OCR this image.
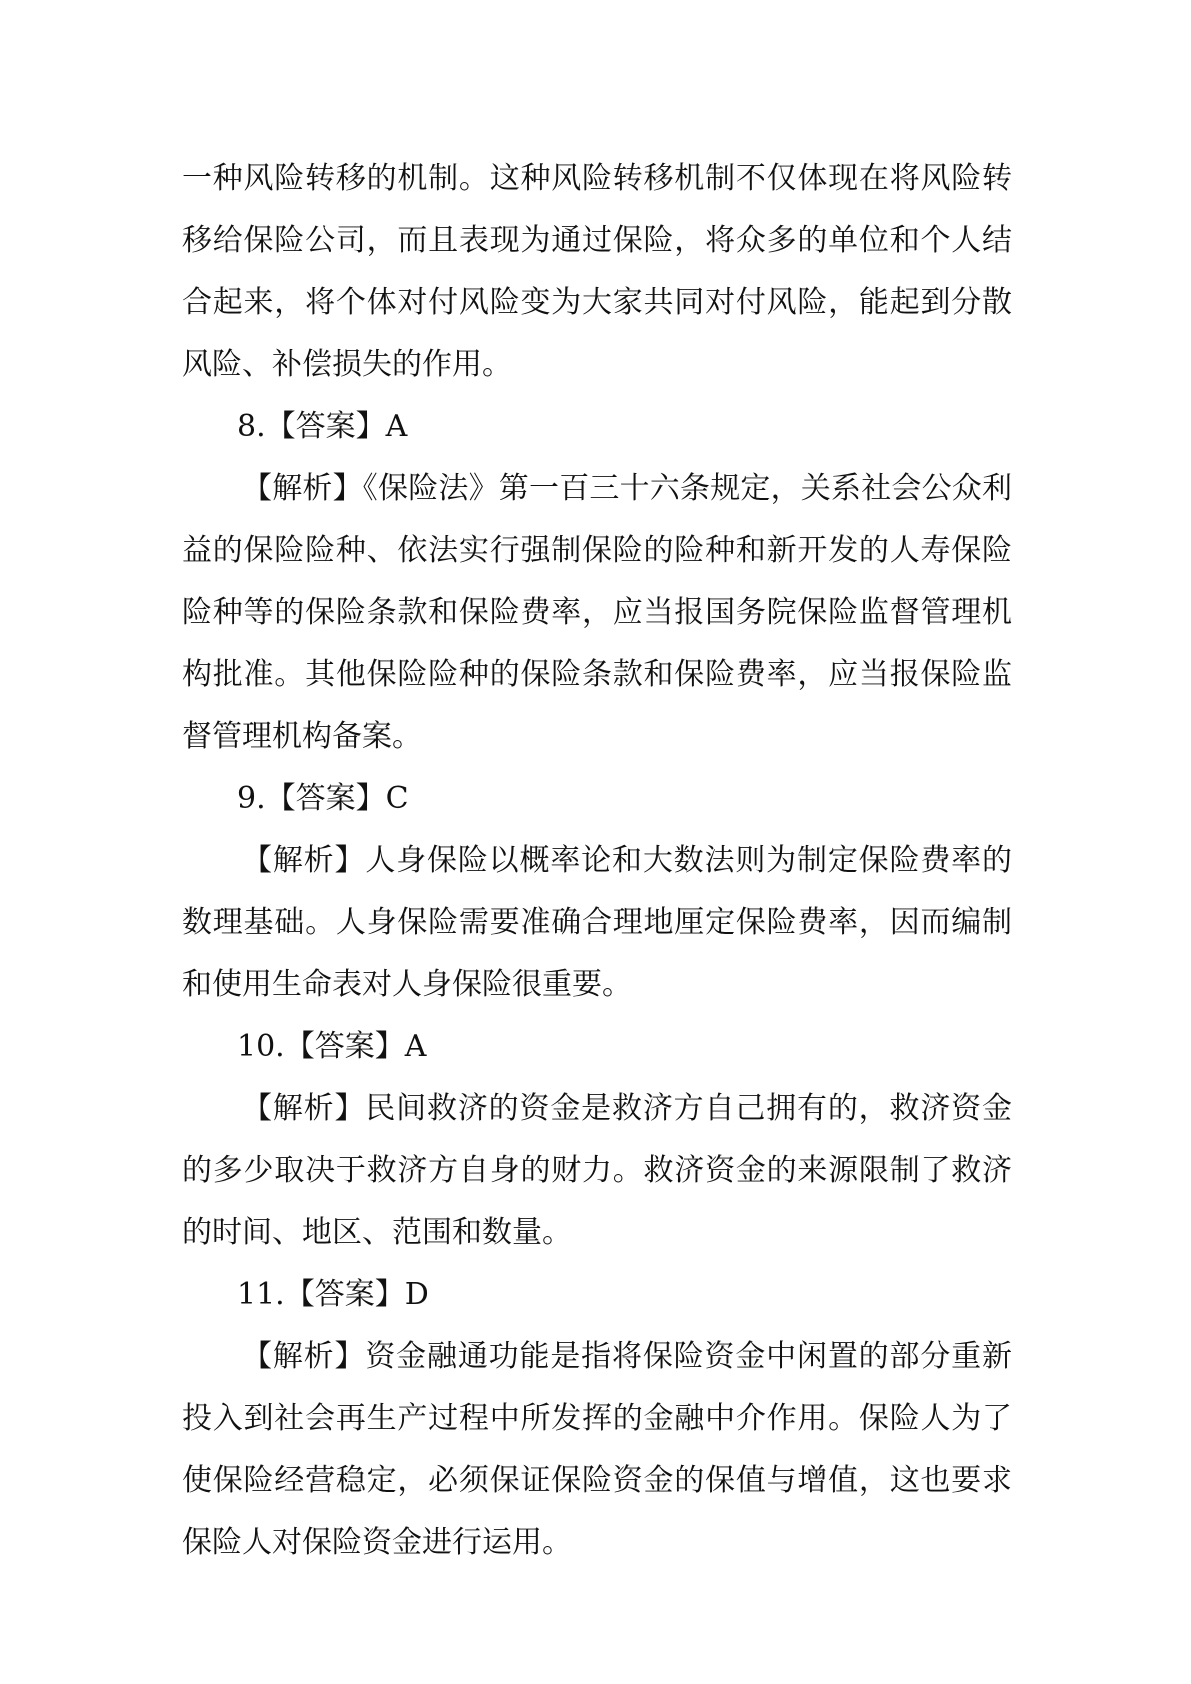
一种风险转移的机制。这种风险转移机制不仅体现在将风险转移给保险公司，而且表现为通过保险，将众多的单位和个人结合起来，将个体对付风险变为大家共同对付风险，能起到分散风险、补偿损失的作用。

8.【答案】A

【解析】《保险法》第一百三十六条规定，关系社会公众利益的保险险种、依法实行强制保险的险种和新开发的人寿保险险种等的保险条款和保险费率，应当报国务院保险监督管理机构批准。其他保险险种的保险条款和保险费率，应当报保险监督管理机构备案。

9.【答案】C

【解析】人身保险以概率论和大数法则为制定保险费率的数理基础。人身保险需要准确合理地厘定保险费率，因而编制和使用生命表对人身保险很重要。

10.【答案】A

【解析】民间救济的资金是救济方自己拥有的，救济资金的多少取决于救济方自身的财力。救济资金的来源限制了救济的时间、地区、范围和数量。

11.【答案】D

【解析】资金融通功能是指将保险资金中闲置的部分重新投入到社会再生产过程中所发挥的金融中介作用。保险人为了使保险经营稳定，必须保证保险资金的保值与增值，这也要求保险人对保险资金进行运用。
